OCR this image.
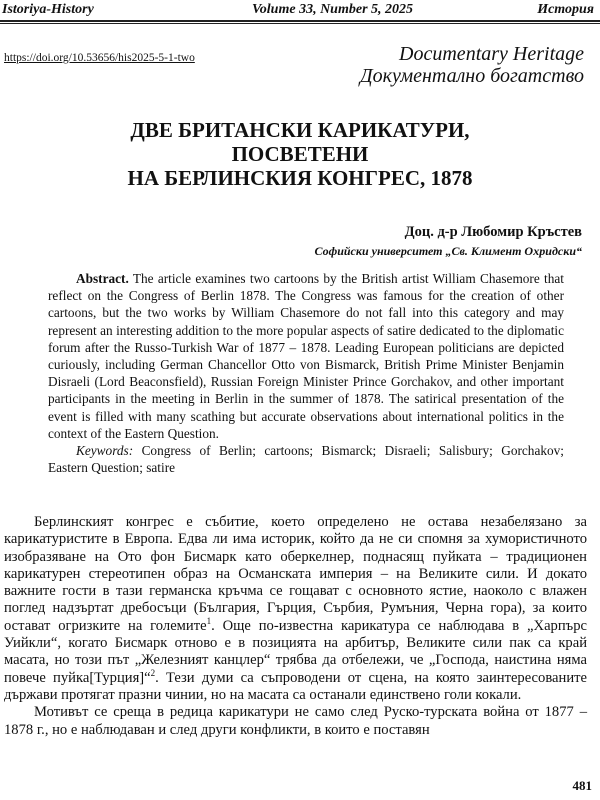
Istoriya-History	Volume 33, Number 5, 2025	История
https://doi.org/10.53656/his2025-5-1-two	Documentary Heritage
Документално богатство
ДВЕ БРИТАНСКИ КАРИКАТУРИ,
ПОСВЕТЕНИ
НА БЕРЛИНСКИЯ КОНГРЕС, 1878
Доц. д-р Любомир Кръстев
Софийски университет „Св. Климент Охридски“

Abstract. The article examines two cartoons by the British artist William Chasemore that reflect on the Congress of Berlin 1878. The Congress was famous for the creation of other cartoons, but the two works by William Chasemore do not fall into this category and may represent an interesting addition to the more popular aspects of satire dedicated to the diplomatic forum after the Russo-Turkish War of 1877 – 1878. Leading European politicians are depicted curiously, including German Chancellor Otto von Bismarck, British Prime Minister Benjamin Disraeli (Lord Beaconsfield), Russian Foreign Minister Prince Gorchakov, and other important participants in the meeting in Berlin in the summer of 1878. The satirical presentation of the event is filled with many scathing but accurate observations about international politics in the context of the Eastern Question.

Keywords: Congress of Berlin; cartoons; Bismarck; Disraeli; Salisbury; Gorchakov; Eastern Question; satire

Берлинският конгрес е събитие, което определено не остава незабелязано за карикатуристите в Европа. Едва ли има историк, който да не си спомня за хумористичното изобразяване на Ото фон Бисмарк като оберкелнер, поднасящ пуйката – традиционен карикатурен стереотипен образ на Османската империя – на Великите сили. И докато важните гости в тази германска кръчма се гощават с основното ястие, наоколо с влажен поглед надзъртат дребосъци (България, Гърция, Сърбия, Румъния, Черна гора), за които остават огризките на големите$^1$. Още по-известна карикатура се наблюдава в „Харпърс Уийкли“, когато Бисмарк отново е в позицията на арбитър, Великите сили пак са край масата, но този път „Железният канцлер“ трябва да отбележи, че „Господа, наистина няма повече пуйка[Турция]“$^2$. Тези думи са съпроводени от сцена, на която заинтересованите държави протягат празни чинии, но на масата са останали единствено голи кокали.

Мотивът се среща в редица карикатури не само след Руско-турската война от 1877 – 1878 г., но е наблюдаван и след други конфликти, в които е поставян

481
